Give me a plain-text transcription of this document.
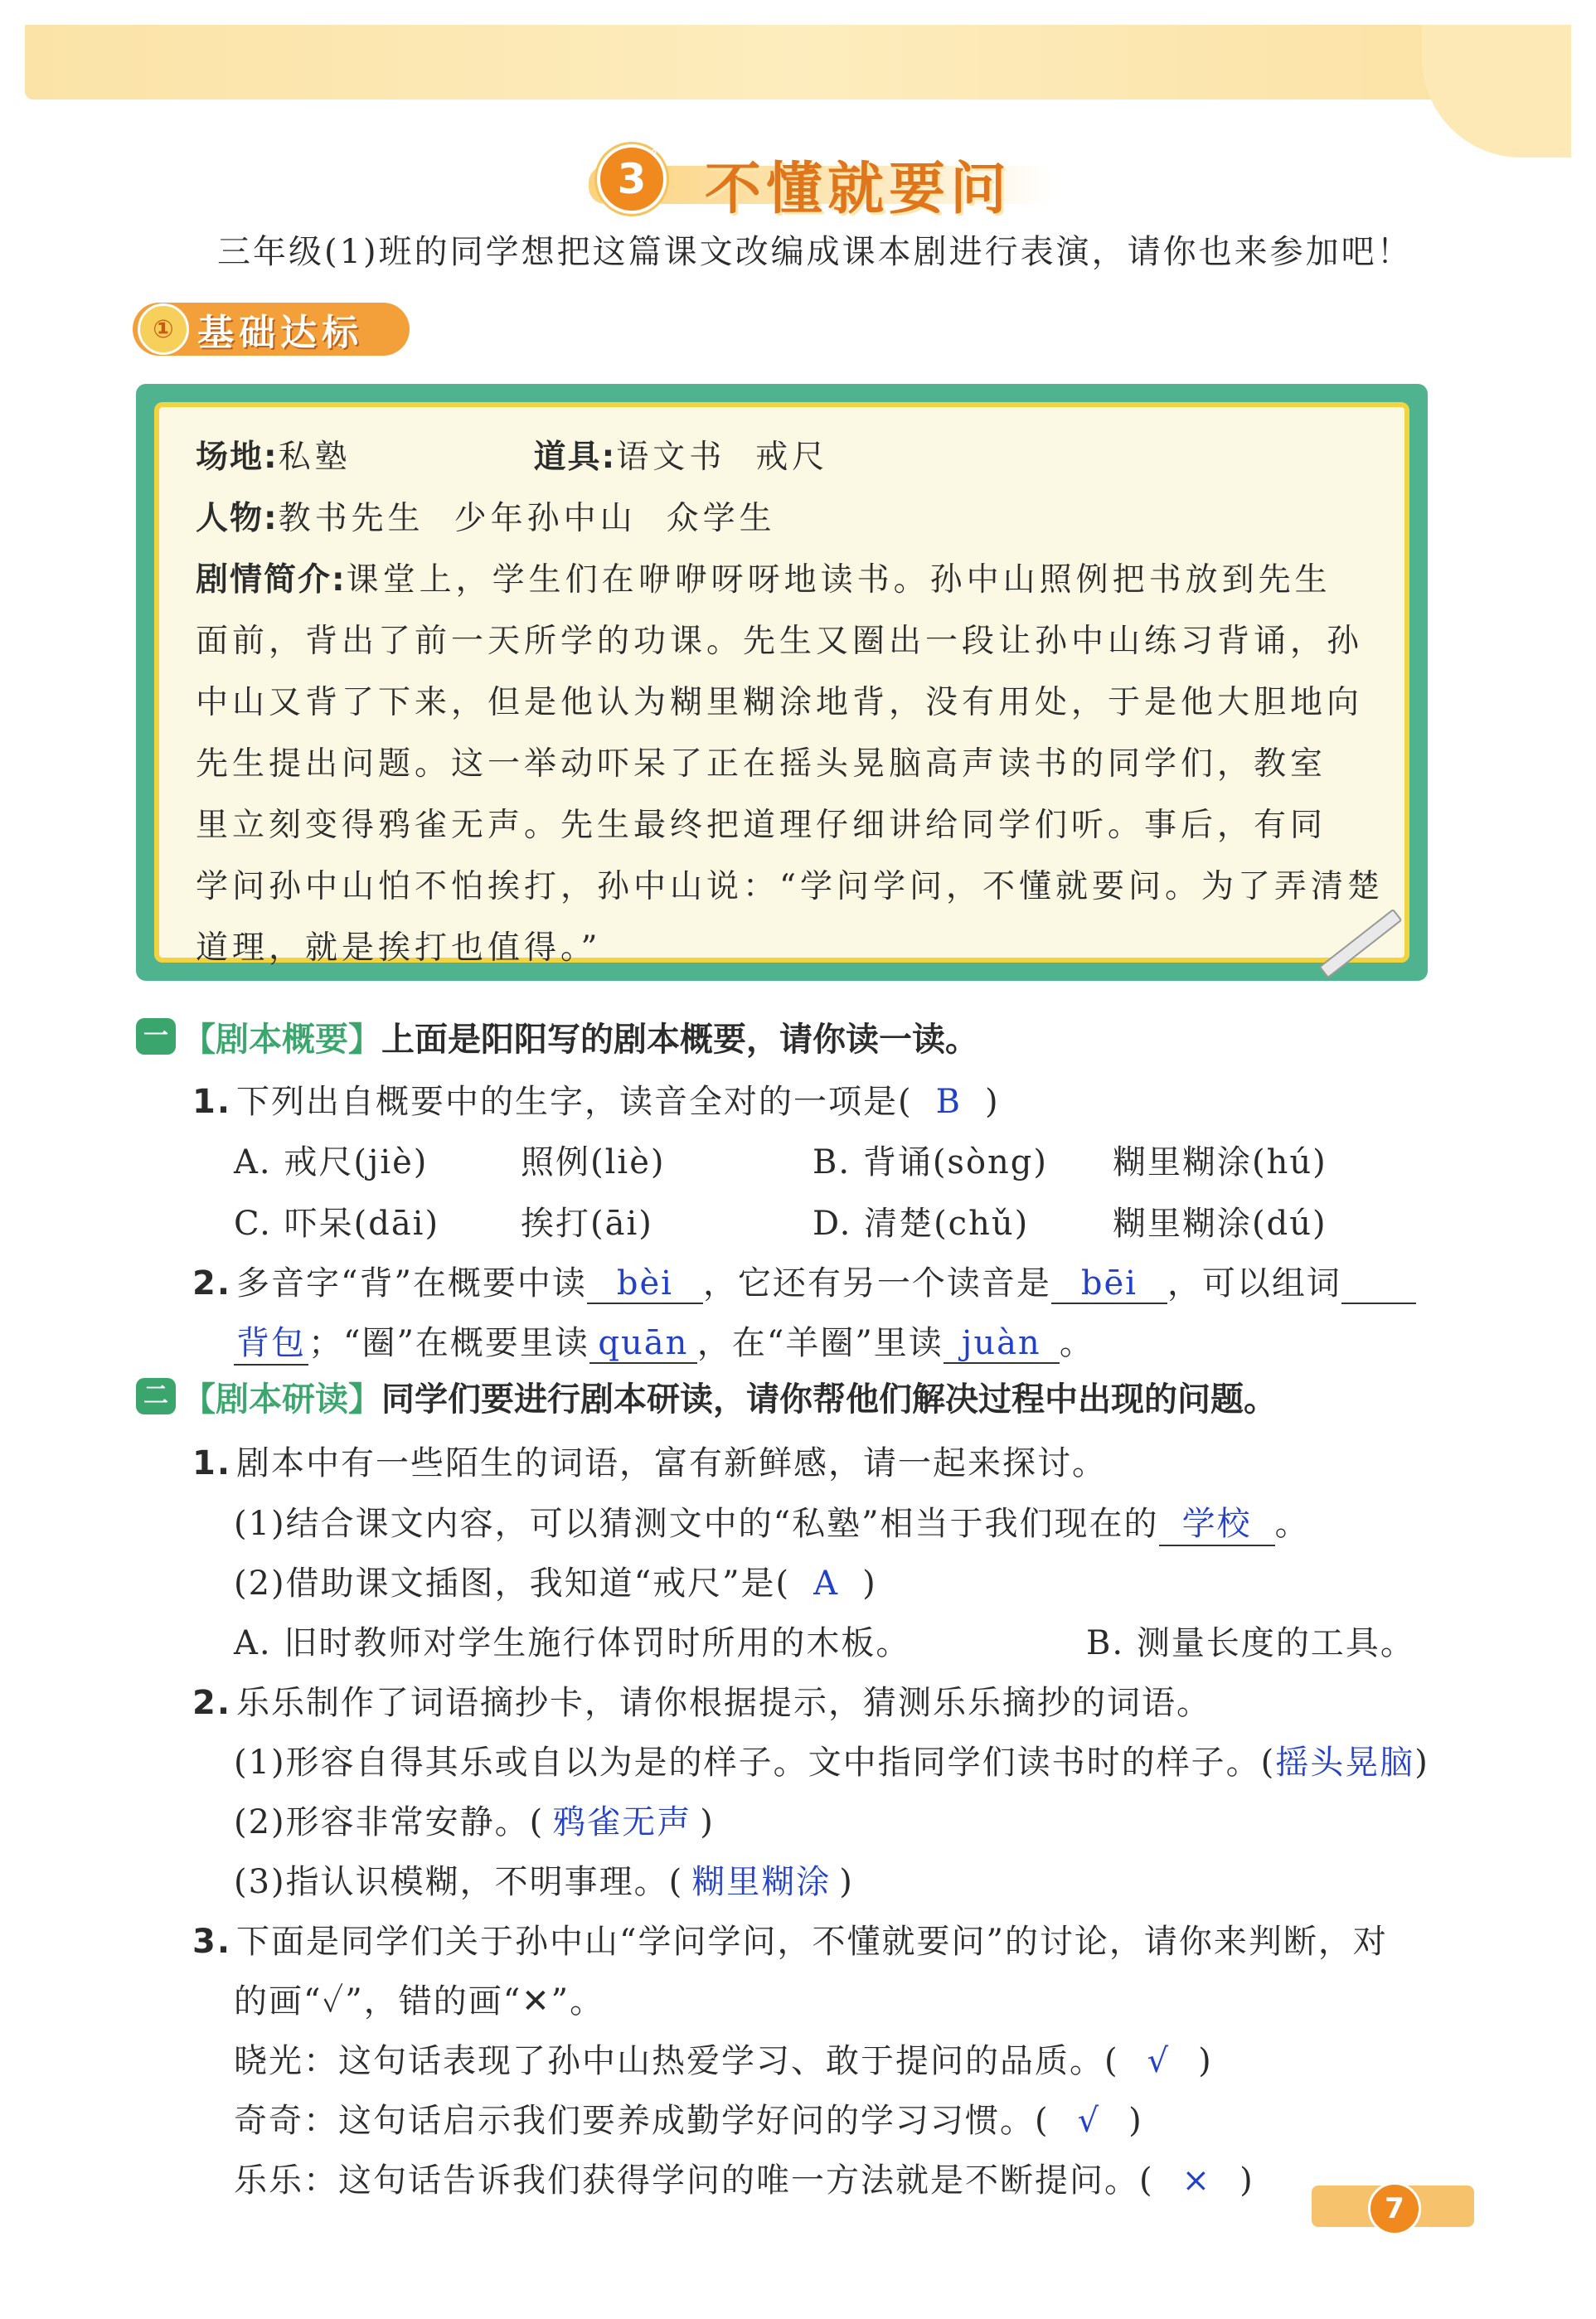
3
*
不懂就要问
三年级(1)班的同学想把这篇课文改编成课本剧进行表演，请你也来参加吧！
① 基础达标
场地:私塾	道具:语文书 戒尺
人物:教书先生 少年孙中山 众学生
剧情简介:课堂上，学生们在咿咿呀呀地读书。孙中山照例把书放到先生
面前，背出了前一天所学的功课。先生又圈出一段让孙中山练习背诵，孙
中山又背了下来，但是他认为糊里糊涂地背，没有用处，于是他大胆地向
先生提出问题。这一举动吓呆了正在摇头晃脑高声读书的同学们，教室
里立刻变得鸦雀无声。先生最终把道理仔细讲给同学们听。事后，有同
学问孙中山怕不怕挨打，孙中山说：“学问学问，不懂就要问。为了弄清楚
道理，就是挨打也值得。”
一 【剧本概要】 上面是阳阳写的剧本概要，请你读一读。
1. 下列出自概要中的生字，读音全对的一项是( B )
A. 戒尺(jiè)	照例(liè)	B. 背诵(sòng) 糊里糊涂(hú)
C. 吓呆(dāi) 挨打(āi)	D. 清楚(chǔ)	糊里糊涂(dú)
2. 多音字“背”在概要中读 bèi ，它还有另一个读音是 bēi ，可以组词
背包；“圈”在概要里读 quān ，在“羊圈”里读 juàn 。
二 【剧本研读】 同学们要进行剧本研读，请你帮他们解决过程中出现的问题。
1. 剧本中有一些陌生的词语，富有新鲜感，请一起来探讨。
(1)结合课文内容，可以猜测文中的“私塾”相当于我们现在的 学校 。
(2)借助课文插图，我知道“戒尺”是( A )
A. 旧时教师对学生施行体罚时所用的木板。	B. 测量长度的工具。
2. 乐乐制作了词语摘抄卡，请你根据提示，猜测乐乐摘抄的词语。
(1)形容自得其乐或自以为是的样子。文中指同学们读书时的样子。(摇头晃脑)
(2)形容非常安静。( 鸦雀无声 )
(3)指认识模糊，不明事理。( 糊里糊涂 )
3. 下面是同学们关于孙中山“学问学问，不懂就要问”的讨论，请你来判断，对
的画“✓”，错的画“✕”。
晓光：这句话表现了孙中山热爱学习、敢于提问的品质。( √ )
奇奇：这句话启示我们要养成勤学好问的学习习惯。( √ )
乐乐：这句话告诉我们获得学问的唯一方法就是不断提问。( × )
7
